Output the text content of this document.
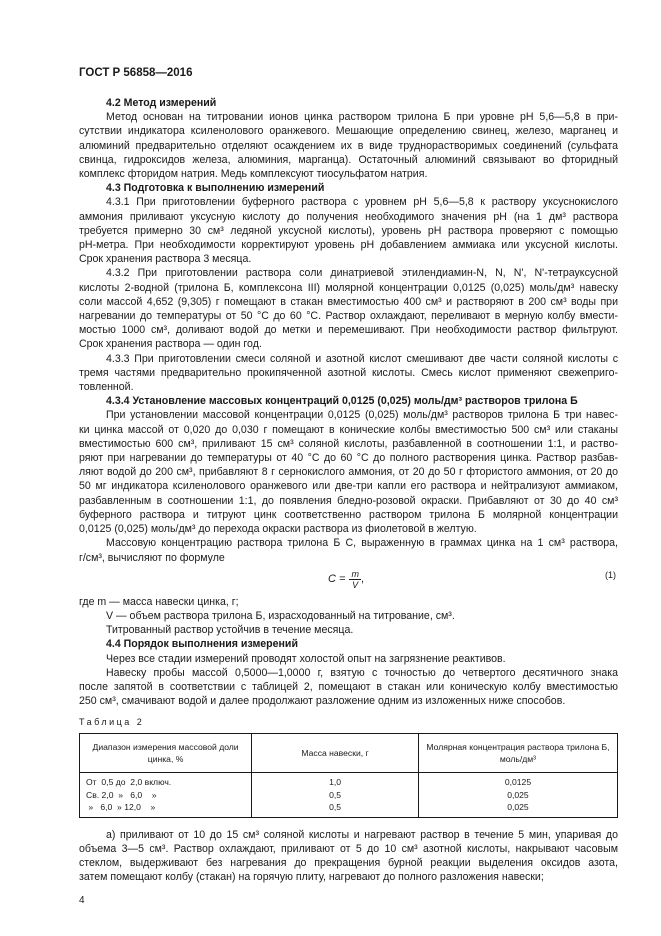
ГОСТ Р 56858—2016
4.2 Метод измерений
Метод основан на титровании ионов цинка раствором трилона Б при уровне pH 5,6—5,8 в при-
сутствии индикатора ксиленолового оранжевого. Мешающие определению свинец, железо, марганец и
алюминий предварительно отделяют осаждением их в виде труднорастворимых соединений (сульфата
свинца, гидроксидов железа, алюминия, марганца). Остаточный алюминий связывают во фторидный
комплекс фторидом натрия. Медь комплексуют тиосульфатом натрия.
4.3 Подготовка к выполнению измерений
4.3.1 При приготовлении буферного раствора с уровнем pH 5,6—5,8 к раствору уксуснокислого
аммония приливают уксусную кислоту до получения необходимого значения pH (на 1 дм³ раствора
требуется примерно 30 см³ ледяной уксусной кислоты), уровень pH раствора проверяют с помощью
pH-метра. При необходимости корректируют уровень pH добавлением аммиака или уксусной кислоты.
Срок хранения раствора 3 месяца.
4.3.2 При приготовлении раствора соли динатриевой этилендиамин-N, N, N', N'-тетрауксусной
кислоты 2-водной (трилона Б, комплексона III) молярной концентрации 0,0125 (0,025) моль/дм³ навеску
соли массой 4,652 (9,305) г помещают в стакан вместимостью 400 см³ и растворяют в 200 см³ воды при
нагревании до температуры от 50 °С до 60 °С. Раствор охлаждают, переливают в мерную колбу вмести-
мостью 1000 см³, доливают водой до метки и перемешивают. При необходимости раствор фильтруют.
Срок хранения раствора — один год.
4.3.3 При приготовлении смеси соляной и азотной кислот смешивают две части соляной кислоты с
тремя частями предварительно прокипяченной азотной кислоты. Смесь кислот применяют свежеприго-
товленной.
4.3.4 Установление массовых концентраций 0,0125 (0,025) моль/дм³ растворов трилона Б
При установлении массовой концентрации 0,0125 (0,025) моль/дм³ растворов трилона Б три навес-
ки цинка массой от 0,020 до 0,030 г помещают в конические колбы вместимостью 500 см³ или стаканы
вместимостью 600 см³, приливают 15 см³ соляной кислоты, разбавленной в соотношении 1:1, и раство-
ряют при нагревании до температуры от 40 °С до 60 °С до полного растворения цинка. Раствор разбав-
ляют водой до 200 см³, прибавляют 8 г сернокислого аммония, от 20 до 50 г фтористого аммония, от 20 до
50 мг индикатора ксиленолового оранжевого или две-три капли его раствора и нейтрализуют аммиаком,
разбавленным в соотношении 1:1, до появления бледно-розовой окраски. Прибавляют от 30 до 40 см³
буферного раствора и титруют цинк соответственно раствором трилона Б молярной концентрации
0,0125 (0,025) моль/дм³ до перехода окраски раствора из фиолетовой в желтую.
Массовую концентрацию раствора трилона Б C, выраженную в граммах цинка на 1 см³ раствора,
г/см³, вычисляют по формуле
$C = \frac{m}{V}$ ,	(1)
где m — масса навески цинка, г;
V — объем раствора трилона Б, израсходованный на титрование, см³.
Титрованный раствор устойчив в течение месяца.
4.4 Порядок выполнения измерений
Через все стадии измерений проводят холостой опыт на загрязнение реактивов.
Навеску пробы массой 0,5000—1,0000 г, взятую с точностью до четвертого десятичного знака
после запятой в соответствии с таблицей 2, помещают в стакан или коническую колбу вместимостью
250 см³, смачивают водой и далее продолжают разложение одним из изложенных ниже способов.
Таблица 2
Диапазон измерения массовой доли цинка, %	Масса навески, г	Молярная концентрация раствора трилона Б, моль/дм³
От  0,5 до  2,0 включ.	1,0	0,0125
Св. 2,0  »   6,0    »	0,5	0,025
»   6,0  » 12,0    »	0,5	0,025
а) приливают от 10 до 15 см³ соляной кислоты и нагревают раствор в течение 5 мин, упаривая до
объема 3—5 см³. Раствор охлаждают, приливают от 5 до 10 см³ азотной кислоты, накрывают часовым
стеклом, выдерживают без нагревания до прекращения бурной реакции выделения оксидов азота,
затем помещают колбу (стакан) на горячую плиту, нагревают до полного разложения навески;
4
